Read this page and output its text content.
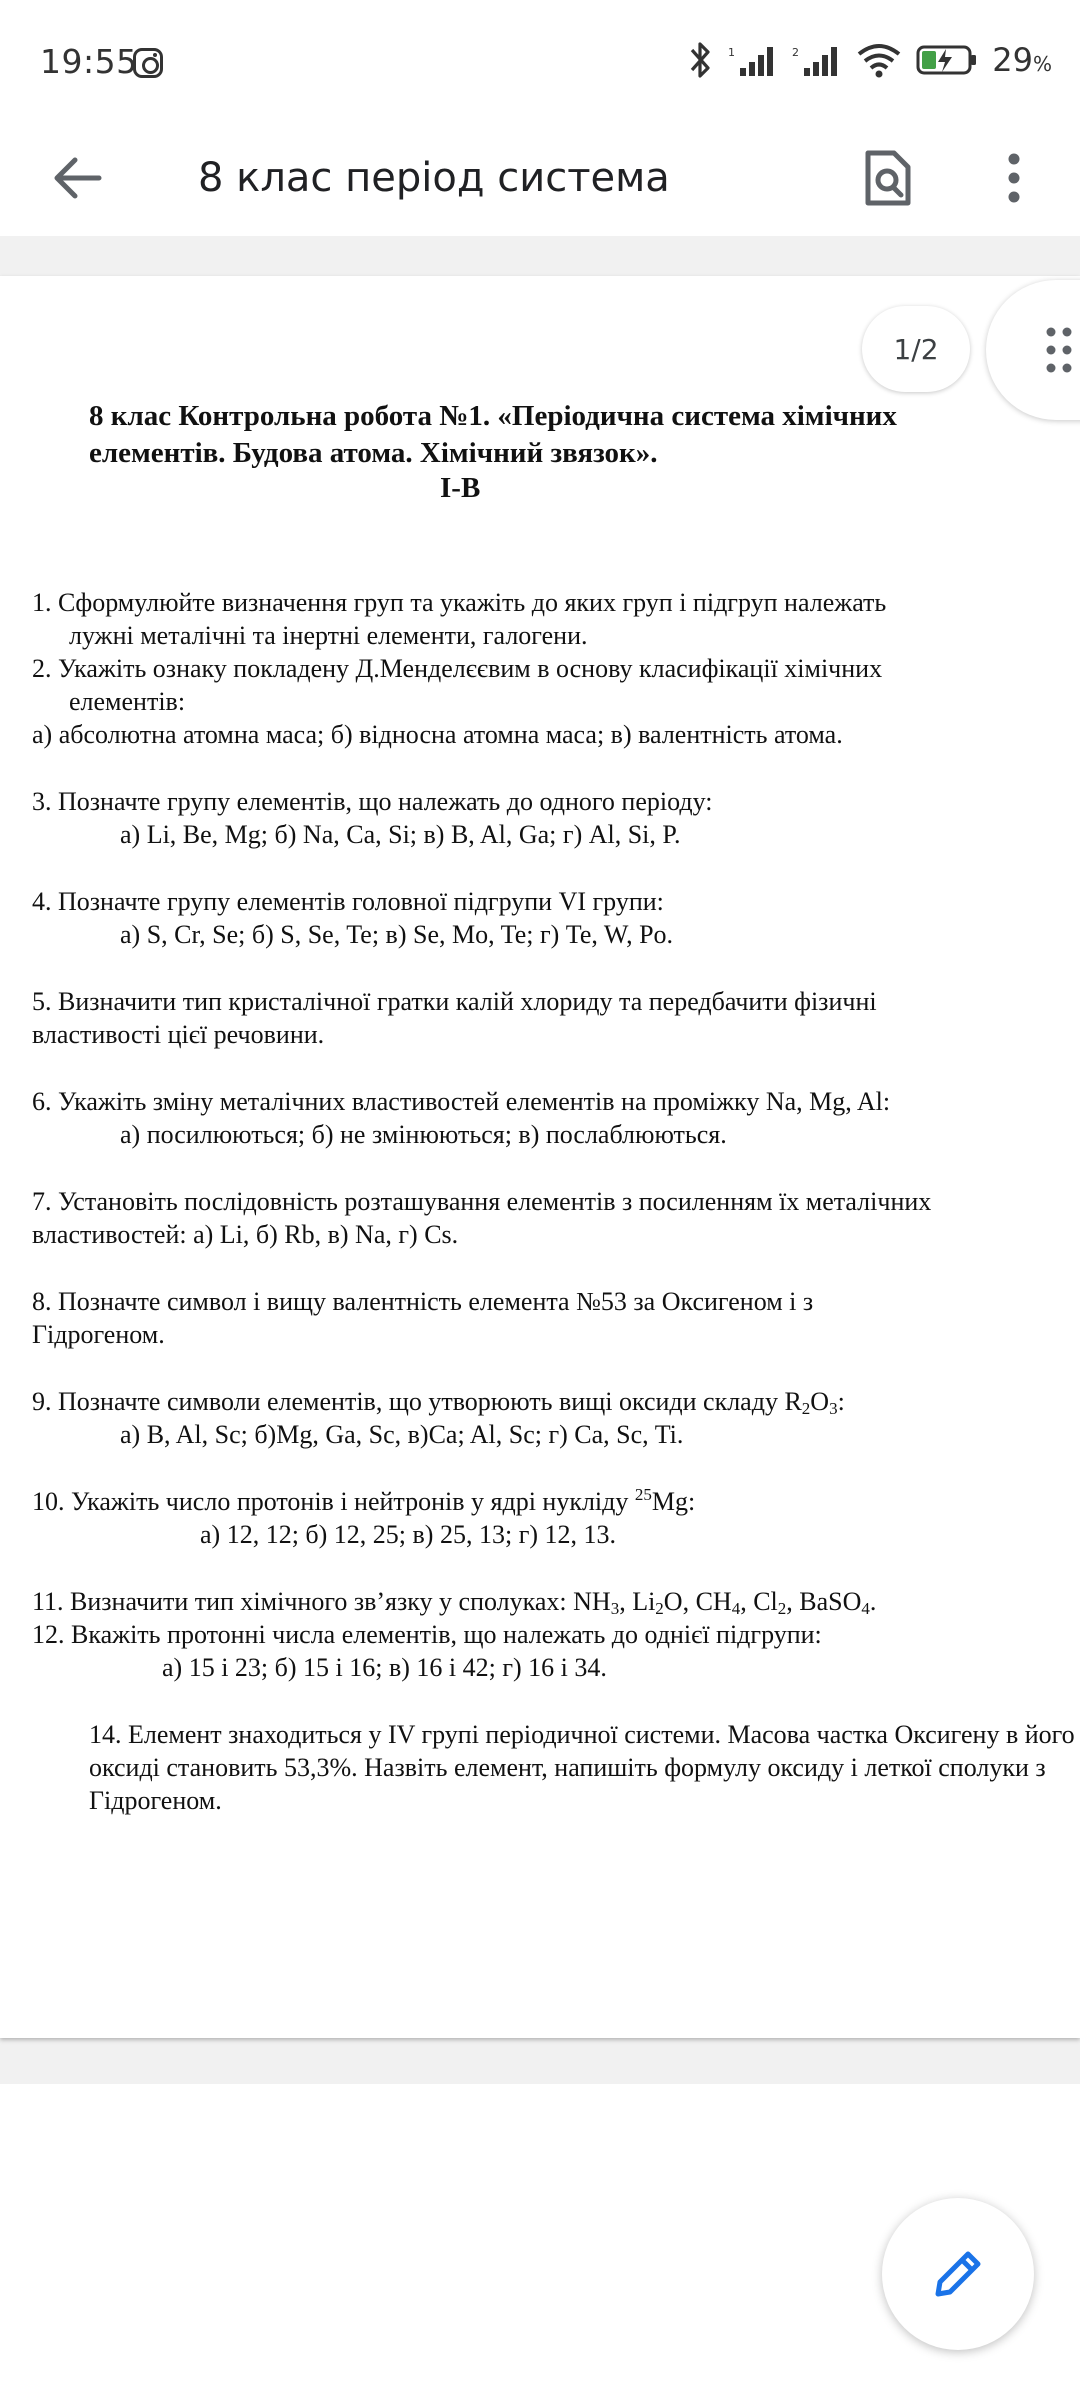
19:55	1	2	29%
8 клас період система
8 клас Контрольна робота №1. «Періодична система хімічних
елементів. Будова атома. Хімічний звязок».
І-В

1. Сформулюйте визначення груп та укажіть до яких груп і підгруп належать

лужні металічні та інертні елементи, галогени.

2. Укажіть ознаку покладену Д.Менделєєвим в основу класифікації хімічних

елементів:

а) абсолютна атомна маса; б) відносна атомна маса; в) валентність атома.

3. Позначте групу елементів, що належать до одного періоду:

а) Li, Be, Mg; б) Na, Ca, Si; в) B, Al, Ga; г) Al, Si, P.

4. Позначте групу елементів головної підгрупи VI групи:

а) S, Cr, Se; б) S, Se, Te; в) Se, Mo, Te; г) Te, W, Po.

5. Визначити тип кристалічної гратки калій хлориду та передбачити фізичні

властивості цієї речовини.

6. Укажіть зміну металічних властивостей елементів на проміжку Na, Mg, Al:

а) посилюються; б) не змінюються; в) послаблюються.

7. Установіть послідовність розташування елементів з посиленням їх металічних

властивостей: а) Li, б) Rb, в) Na, г) Cs.

8. Позначте символ і вищу валентність елемента №53 за Оксигеном і з

Гідрогеном.

9. Позначте символи елементів, що утворюють вищі оксиди складу $R_2O_3$:

а) B, Al, Sc; б)Mg, Ga, Sc, в)Ca; Al, Sc; г) Ca, Sc, Ti.

10. Укажіть число протонів і нейтронів у ядрі нукліду $^{25}$Mg:

а) 12, 12; б) 12, 25; в) 25, 13; г) 12, 13.

11. Визначити тип хімічного зв’язку у сполуках: $NH_3$, $Li_2O$, $CH_4$, $Cl_2$, BaSO$_4$.

12. Вкажіть протонні числа елементів, що належать до однієї підгрупи:

а) 15 і 23; б) 15 і 16; в) 16 і 42; г) 16 і 34.

14. Елемент знаходиться у IV групі періодичної системи. Масова частка Оксигену в його оксиді становить 53,3%. Назвіть елемент, напишіть формулу оксиду і леткої сполуки з Гідрогеном.

1/2
